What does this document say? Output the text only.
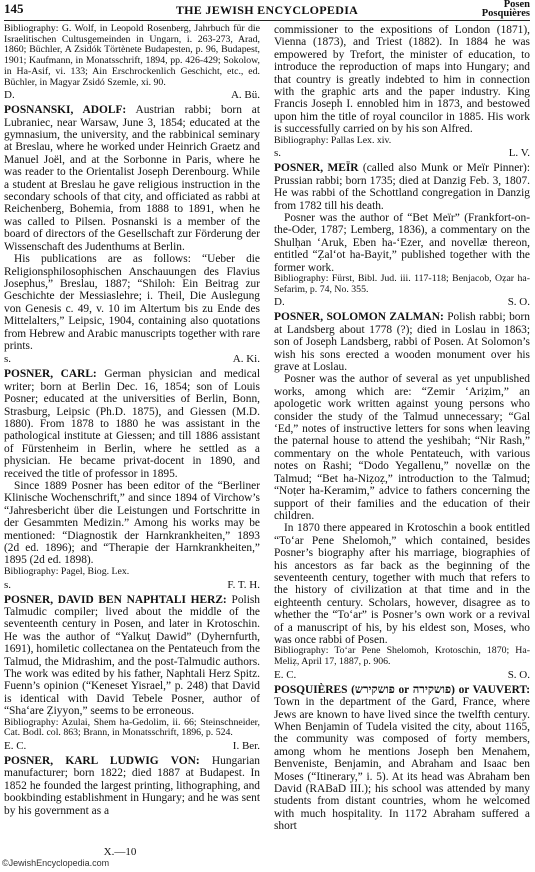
145	THE JEWISH ENCYCLOPEDIA	Posen
Posquières

Bibliography: G. Wolf, in Leopold Rosenberg, Jahrbuch für die Israelitischen Cultusgemeinden in Ungarn, i. 263-273, Arad, 1860; Büchler, A Zsidók Törtènete Budapesten, p. 96, Budapest, 1901; Kaufmann, in Monatsschrift, 1894, pp. 426-429; Sokolow, in Ha-Asif, vi. 133; Ain Erschrockenlich Geschicht, etc., ed. Büchler, in Magyar Zsidó Szemle, xi. 90.

D.	A. Bü.

POSNANSKI, ADOLF: Austrian rabbi; born at Lubraniec, near Warsaw, June 3, 1854; educated at the gymnasium, the university, and the rabbinical seminary at Breslau, where he worked under Heinrich Graetz and Manuel Joël, and at the Sorbonne in Paris, where he was reader to the Orientalist Joseph Derenbourg. While a student at Breslau he gave religious instruction in the secondary schools of that city, and officiated as rabbi at Reichenberg, Bohemia, from 1888 to 1891, when he was called to Pilsen. Posnanski is a member of the board of directors of the Gesellschaft zur Förderung der Wissenschaft des Judenthums at Berlin.

His publications are as follows: “Ueber die Religionsphilosophischen Anschauungen des Flavius Josephus,” Breslau, 1887; “Shiloh: Ein Beitrag zur Geschichte der Messiaslehre; i. Theil, Die Auslegung von Genesis c. 49, v. 10 im Altertum bis zu Ende des Mittelalters,” Leipsic, 1904, containing also quotations from Hebrew and Arabic manuscripts together with rare prints.

s.	A. Ki.

POSNER, CARL: German physician and medical writer; born at Berlin Dec. 16, 1854; son of Louis Posner; educated at the universities of Berlin, Bonn, Strasburg, Leipsic (Ph.D. 1875), and Giessen (M.D. 1880). From 1878 to 1880 he was assistant in the pathological institute at Giessen; and till 1886 assistant of Fürstenheim in Berlin, where he settled as a physician. He became privat-docent in 1890, and received the title of professor in 1895.

Since 1889 Posner has been editor of the “Berliner Klinische Wochenschrift,” and since 1894 of Virchow’s “Jahresbericht über die Leistungen und Fortschritte in der Gesammten Medizin.” Among his works may be mentioned: “Diagnostik der Harnkrankheiten,” 1893 (2d ed. 1896); and “Therapie der Harnkrankheiten,” 1895 (2d ed. 1898).

Bibliography: Pagel, Biog. Lex.

s.	F. T. H.

POSNER, DAVID BEN NAPHTALI HERZ: Polish Talmudic compiler; lived about the middle of the seventeenth century in Posen, and later in Krotoschin. He was the author of “Yalkuṭ Dawid” (Dyhernfurth, 1691), homiletic collectanea on the Pentateuch from the Talmud, the Midrashim, and the post-Talmudic authors. The work was edited by his father, Naphtali Herz Spitz. Fuenn’s opinion (“Keneset Yisrael,” p. 248) that David is identical with David Tebele Posner, author of “Sha‘are Ẓiyyon,” seems to be erroneous.

Bibliography: Azulai, Shem ha-Gedolim, ii. 66; Steinschneider, Cat. Bodl. col. 863; Brann, in Monatsschrift, 1896, p. 524.

E. C.	I. Ber.

POSNER, KARL LUDWIG VON: Hungarian manufacturer; born 1822; died 1887 at Budapest. In 1852 he founded the largest printing, lithographing, and bookbinding establishment in Hungary; and he was sent by his government as a

X.—10

commissioner to the expositions of London (1871), Vienna (1873), and Triest (1882). In 1884 he was empowered by Trefort, the minister of education, to introduce the reproduction of maps into Hungary; and that country is greatly indebted to him in connection with the graphic arts and the paper industry. King Francis Joseph I. ennobled him in 1873, and bestowed upon him the title of royal councilor in 1885. His work is successfully carried on by his son Alfred.

Bibliography: Pallas Lex. xiv.

s.	L. V.

POSNER, MEÏR (called also Munk or Meïr Pinner): Prussian rabbi; born 1735; died at Danzig Feb. 3, 1807. He was rabbi of the Schottland congregation in Danzig from 1782 till his death.

Posner was the author of “Bet Meïr” (Frankfort-on-the-Oder, 1787; Lemberg, 1836), a commentary on the Shulḥan ‘Aruk, Eben ha-‘Ezer, and novellæ thereon, entitled “Ẓal‘ot ha-Bayit,” published together with the former work.

Bibliography: Fürst, Bibl. Jud. iii. 117-118; Benjacob, Oẓar ha-Sefarim, p. 74, No. 355.

D.	S. O.

POSNER, SOLOMON ZALMAN: Polish rabbi; born at Landsberg about 1778 (?); died in Loslau in 1863; son of Joseph Landsberg, rabbi of Posen. At Solomon’s wish his sons erected a wooden monument over his grave at Loslau.

Posner was the author of several as yet unpublished works, among which are: “Zemir ‘Ariẓim,” an apologetic work written against young persons who consider the study of the Talmud unnecessary; “Gal ‘Ed,” notes of instructive letters for sons when leaving the paternal house to attend the yeshibah; “Nir Rash,” commentary on the whole Pentateuch, with various notes on Rashi; “Dodo Yegallenu,” novellæ on the Talmud; “Bet ha-Niẓoẓ,” introduction to the Talmud; “Noṭer ha-Keramim,” advice to fathers concerning the support of their families and the education of their children.

In 1870 there appeared in Krotoschin a book entitled “To‘ar Pene Shelomoh,” which contained, besides Posner’s biography after his marriage, biographies of his ancestors as far back as the beginning of the seventeenth century, together with much that refers to the history of civilization at that time and in the eighteenth century. Scholars, however, disagree as to whether the “To‘ar” is Posner’s own work or a revival of a manuscript of his, by his eldest son, Moses, who was once rabbi of Posen.

Bibliography: To‘ar Pene Shelomoh, Krotoschin, 1870; Ha-Meliẓ, April 17, 1887, p. 906.

E. C.	S. O.

POSQUIÈRES (פושקירש or פושקירה) or VAUVERT: Town in the department of the Gard, France, where Jews are known to have lived since the twelfth century. When Benjamin of Tudela visited the city, about 1165, the community was composed of forty members, among whom he mentions Joseph ben Menahem, Benveniste, Benjamin, and Abraham and Isaac ben Moses (“Itinerary,” i. 5). At its head was Abraham ben David (RABaD III.); his school was attended by many students from distant countries, whom he welcomed with much hospitality. In 1172 Abraham suffered a short

©JewishEncyclopedia.com
